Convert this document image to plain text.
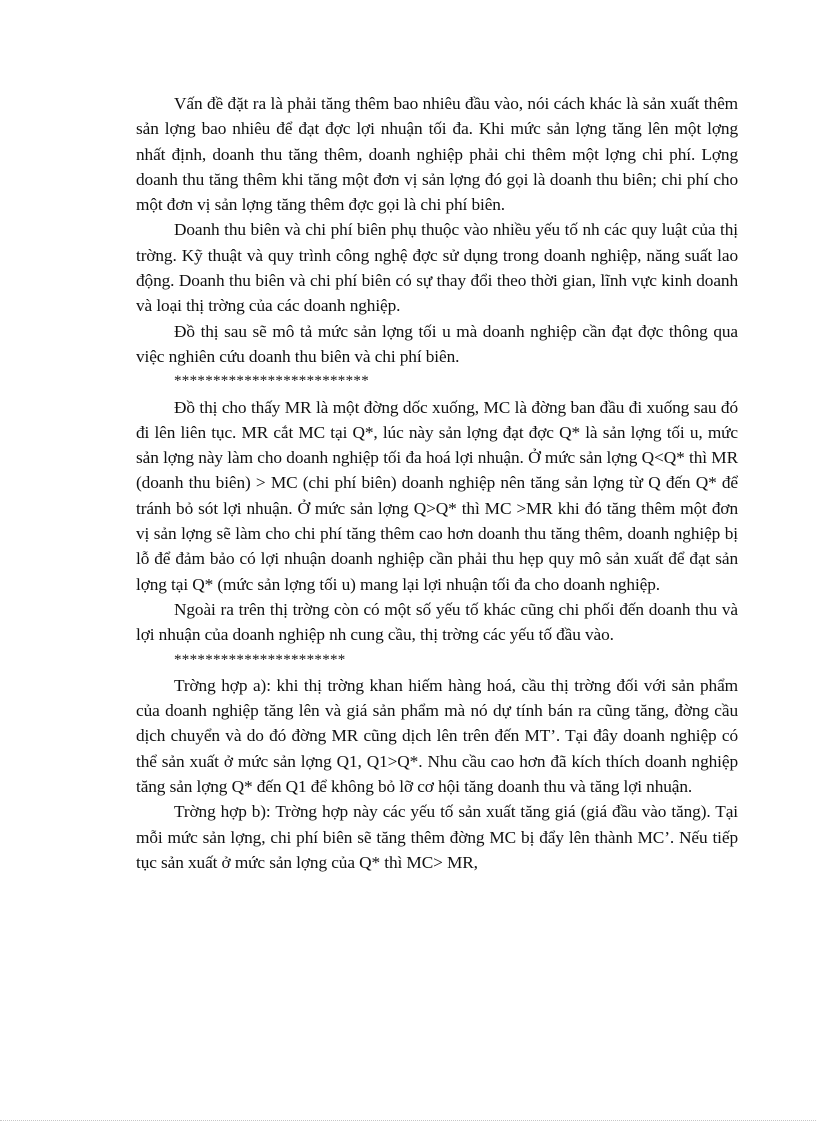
Vấn đề đặt ra là phải tăng thêm bao nhiêu đầu vào, nói cách khác là sản xuất thêm sản lợng bao nhiêu để đạt đợc lợi nhuận tối đa. Khi mức sản lợng tăng lên một lợng nhất định, doanh thu tăng thêm, doanh nghiệp phải chi thêm một lợng chi phí. Lợng doanh thu tăng thêm khi tăng một đơn vị sản lợng đó gọi là doanh thu biên; chi phí cho một đơn vị sản lợng tăng thêm đợc gọi là chi phí biên.

Doanh thu biên và chi phí biên phụ thuộc vào nhiều yếu tố nh các quy luật của thị trờng. Kỹ thuật và quy trình công nghệ đợc sử dụng trong doanh nghiệp, năng suất lao động. Doanh thu biên và chi phí biên có sự thay đổi theo thời gian, lĩnh vực kinh doanh và loại thị trờng của các doanh nghiệp.

Đồ thị sau sẽ mô tả mức sản lợng tối u mà doanh nghiệp cần đạt đợc thông qua việc nghiên cứu doanh thu biên và chi phí biên.

*************************

Đồ thị cho thấy MR là một đờng dốc xuống, MC là đờng ban đầu đi xuống sau đó đi lên liên tục. MR cắt MC tại Q*, lúc này sản lợng đạt đợc Q* là sản lợng tối u, mức sản lợng này làm cho doanh nghiệp tối đa hoá lợi nhuận. Ở mức sản lợng Q<Q* thì MR (doanh thu biên) > MC (chi phí biên) doanh nghiệp nên tăng sản lợng từ Q đến Q* để tránh bỏ sót lợi nhuận. Ở mức sản lợng Q>Q* thì MC >MR khi đó tăng thêm một đơn vị sản lợng sẽ làm cho chi phí tăng thêm cao hơn doanh thu tăng thêm, doanh nghiệp bị lỗ để đảm bảo có lợi nhuận doanh nghiệp cần phải thu hẹp quy mô sản xuất để đạt sản lợng tại Q* (mức sản lợng tối u) mang lại lợi nhuận tối đa cho doanh nghiệp.

Ngoài ra trên thị trờng còn có một số yếu tố khác cũng chi phối đến doanh thu và lợi nhuận của doanh nghiệp nh cung cầu, thị trờng các yếu tố đầu vào.

**********************

Trờng hợp a): khi thị trờng khan hiếm hàng hoá, cầu thị trờng đối với sản phẩm của doanh nghiệp tăng lên và giá sản phẩm mà nó dự tính bán ra cũng tăng, đờng cầu dịch chuyển và do đó đờng MR cũng dịch lên trên đến MT’. Tại đây doanh nghiệp có thể sản xuất ở mức sản lợng Q1, Q1>Q*. Nhu cầu cao hơn đã kích thích doanh nghiệp tăng sản lợng Q* đến Q1 để không bỏ lỡ cơ hội tăng doanh thu và tăng lợi nhuận.

Trờng hợp b): Trờng hợp này các yếu tố sản xuất tăng giá (giá đầu vào tăng). Tại mỗi mức sản lợng, chi phí biên sẽ tăng thêm đờng MC bị đẩy lên thành MC’. Nếu tiếp tục sản xuất ở mức sản lợng của Q* thì MC> MR,
